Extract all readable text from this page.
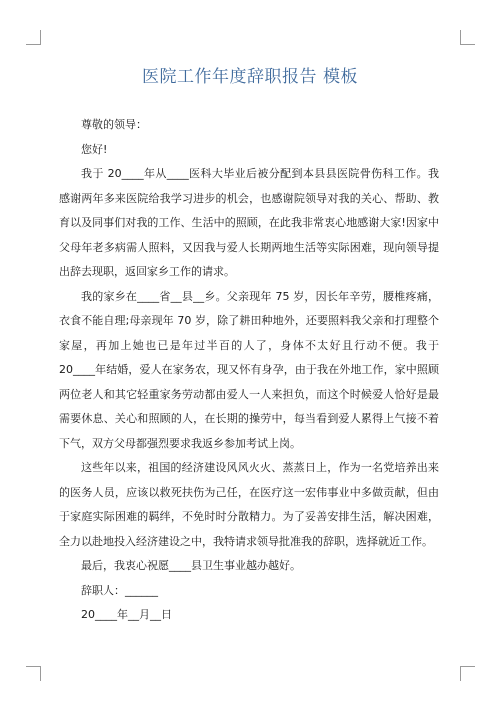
医院工作年度辞职报告 模板

尊敬的领导：

您好!

我于 20____年从____医科大毕业后被分配到本县县医院骨伤科工作。我感谢两年多来医院给我学习进步的机会，也感谢院领导对我的关心、帮助、教育以及同事们对我的工作、生活中的照顾，在此我非常衷心地感谢大家!因家中父母年老多病需人照料，又因我与爱人长期两地生活等实际困难，现向领导提出辞去现职，返回家乡工作的请求。

我的家乡在____省__县__乡。父亲现年 75 岁，因长年辛劳，腰椎疼痛，衣食不能自理;母亲现年 70 岁，除了耕田种地外，还要照料我父亲和打理整个家屋，再加上她也已是年过半百的人了，身体不太好且行动不便。我于 20____年结婚，爱人在家务农，现又怀有身孕，由于我在外地工作，家中照顾两位老人和其它轻重家务劳动都由爱人一人来担负，而这个时候爱人恰好是最需要休息、关心和照顾的人，在长期的操劳中，每当看到爱人累得上气接不着下气，双方父母都强烈要求我返乡参加考试上岗。

这些年以来，祖国的经济建设风风火火、蒸蒸日上，作为一名党培养出来的医务人员，应该以救死扶伤为己任，在医疗这一宏伟事业中多做贡献，但由于家庭实际困难的羁绊，不免时时分散精力。为了妥善安排生活，解决困难，全力以赴地投入经济建设之中，我特请求领导批准我的辞职，选择就近工作。

最后，我衷心祝愿____县卫生事业越办越好。

辞职人：______

20____年__月__日
